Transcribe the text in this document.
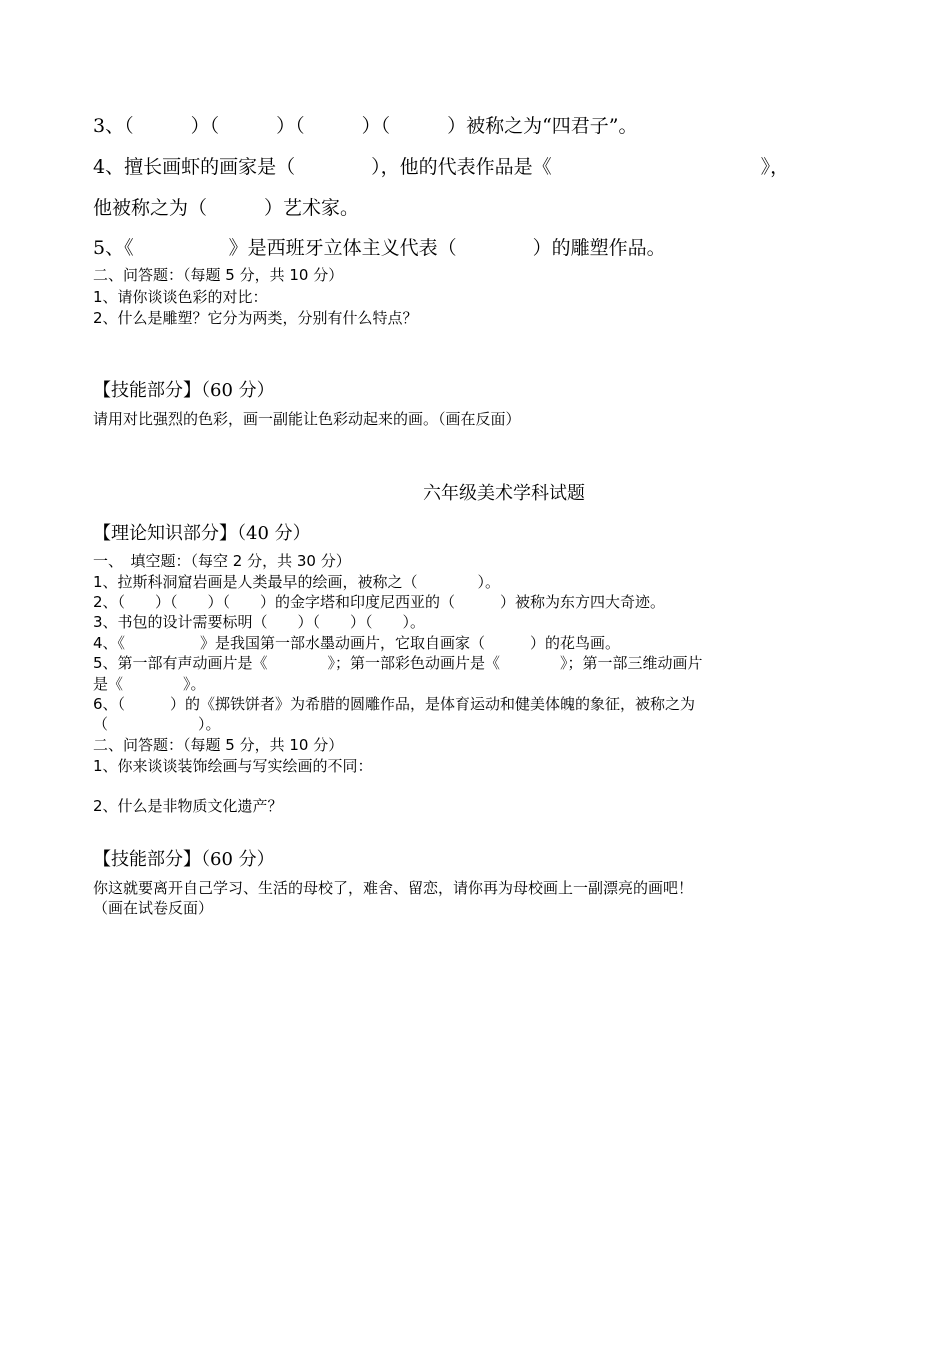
3、（　　　）（　　　）（　　　）（　　　）被称之为“四君子”。
4、擅长画虾的画家是（　　　　），他的代表作品是《　　　　　　　　　　　》，
他被称之为（　　　）艺术家。
5、《　　　　　》是西班牙立体主义代表（　　　　）的雕塑作品。
二、问答题：（每题 5 分，共 10 分）
1、请你谈谈色彩的对比：
2、什么是雕塑？它分为两类，分别有什么特点？
【技能部分】（60 分）
请用对比强烈的色彩，画一副能让色彩动起来的画。（画在反面）
六年级美术学科试题
【理论知识部分】（40 分）
一、　填空题：（每空 2 分，共 30 分）
1、拉斯科洞窟岩画是人类最早的绘画，被称之（　　　　）。
2、（　　）（　　）（　　）的金字塔和印度尼西亚的（　　　）被称为东方四大奇迹。
3、书包的设计需要标明（　　）（　　）（　　）。
4、《　　　　　》是我国第一部水墨动画片，它取自画家（　　　）的花鸟画。
5、第一部有声动画片是《　　　　》；第一部彩色动画片是《　　　　》；第一部三维动画片
是《　　　　》。
6、（　　　）的《掷铁饼者》为希腊的圆雕作品，是体育运动和健美体魄的象征，被称之为
（　　　　　　）。
二、问答题：（每题 5 分，共 10 分）
1、你来谈谈装饰绘画与写实绘画的不同：
2、什么是非物质文化遗产？
【技能部分】（60 分）
你这就要离开自己学习、生活的母校了，难舍、留恋，请你再为母校画上一副漂亮的画吧！
（画在试卷反面）
